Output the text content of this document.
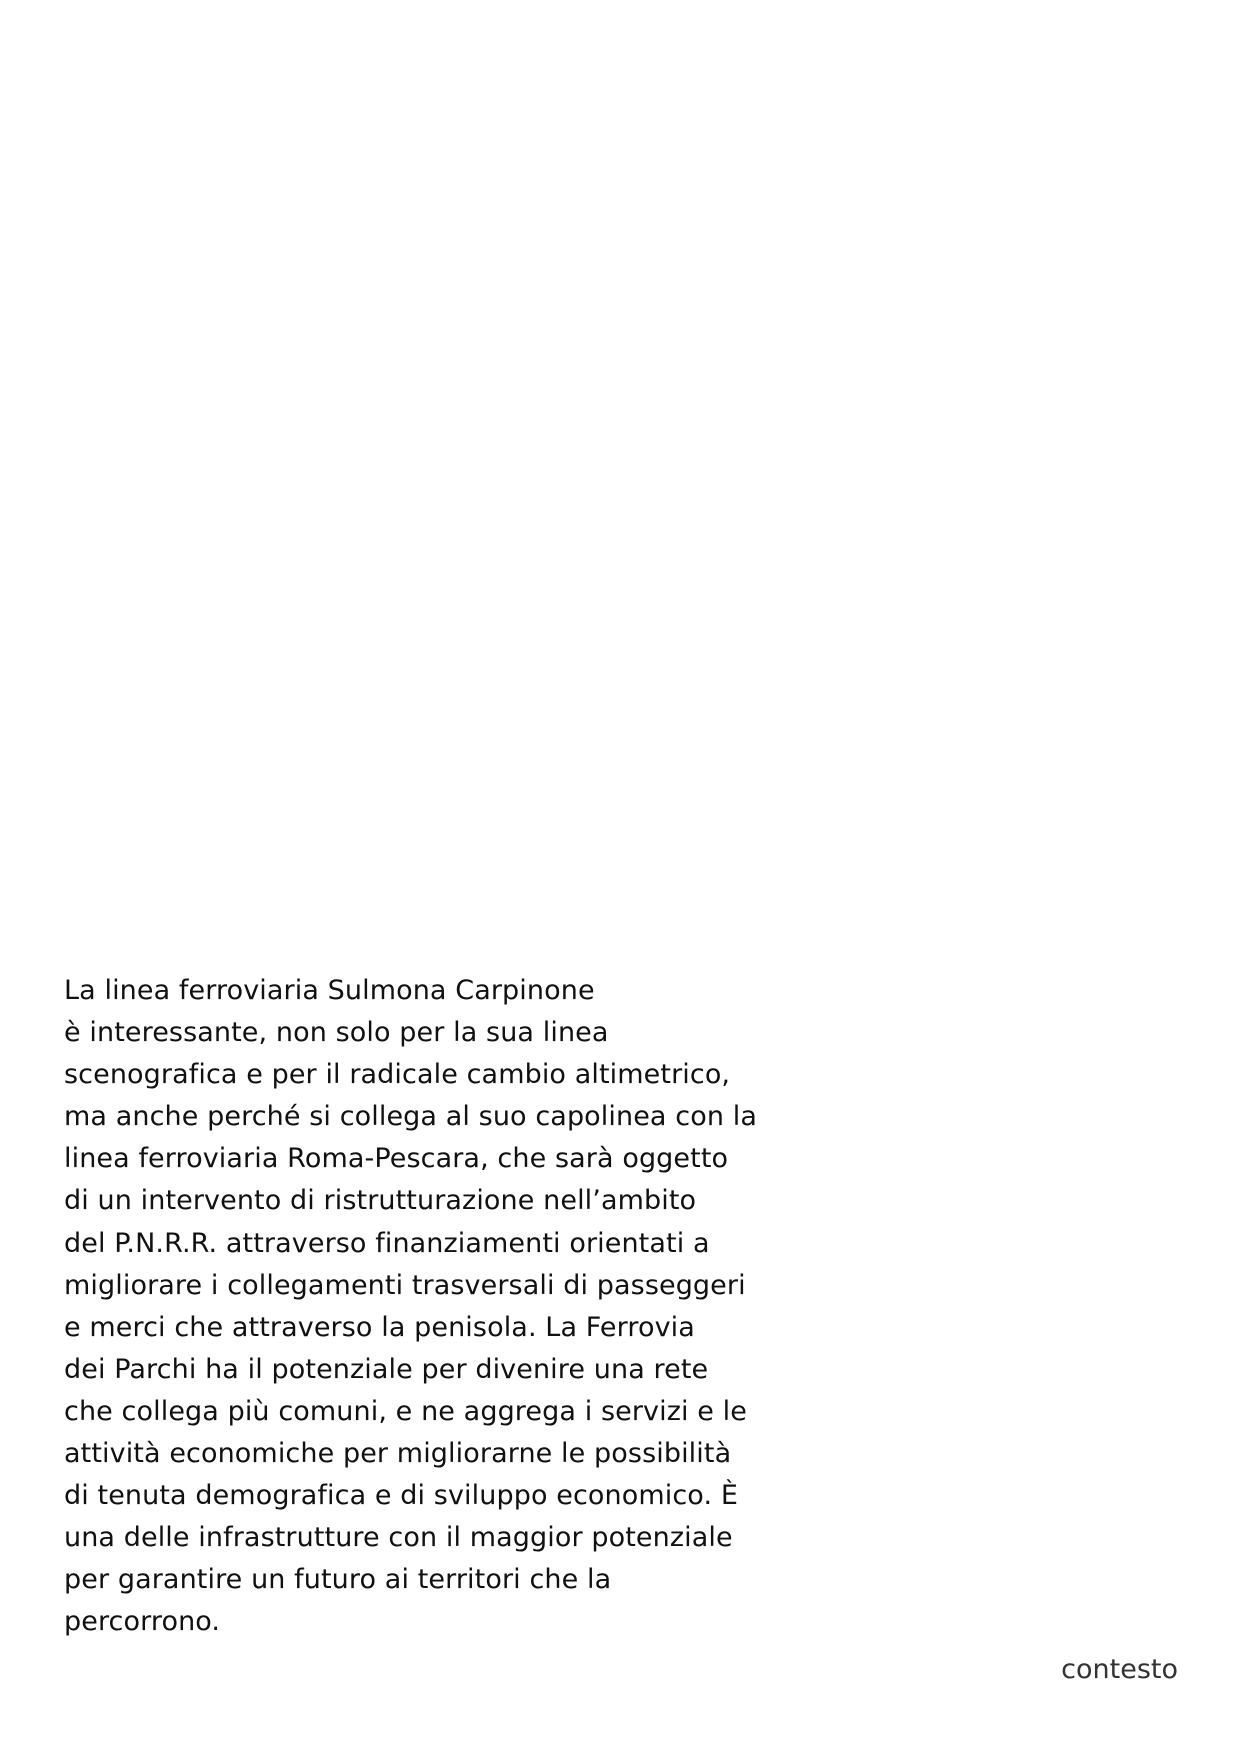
La linea ferroviaria Sulmona Carpinone
è interessante, non solo per la sua linea
scenografica e per il radicale cambio altimetrico,
ma anche perché si collega al suo capolinea con la
linea ferroviaria Roma-Pescara, che sarà oggetto
di un intervento di ristrutturazione nell’ambito
del P.N.R.R. attraverso finanziamenti orientati a
migliorare i collegamenti trasversali di passeggeri
e merci che attraverso la penisola. La Ferrovia
dei Parchi ha il potenziale per divenire una rete
che collega più comuni, e ne aggrega i servizi e le
attività economiche per migliorarne le possibilità
di tenuta demografica e di sviluppo economico. È
una delle infrastrutture con il maggior potenziale
per garantire un futuro ai territori che la
percorrono.

contesto
